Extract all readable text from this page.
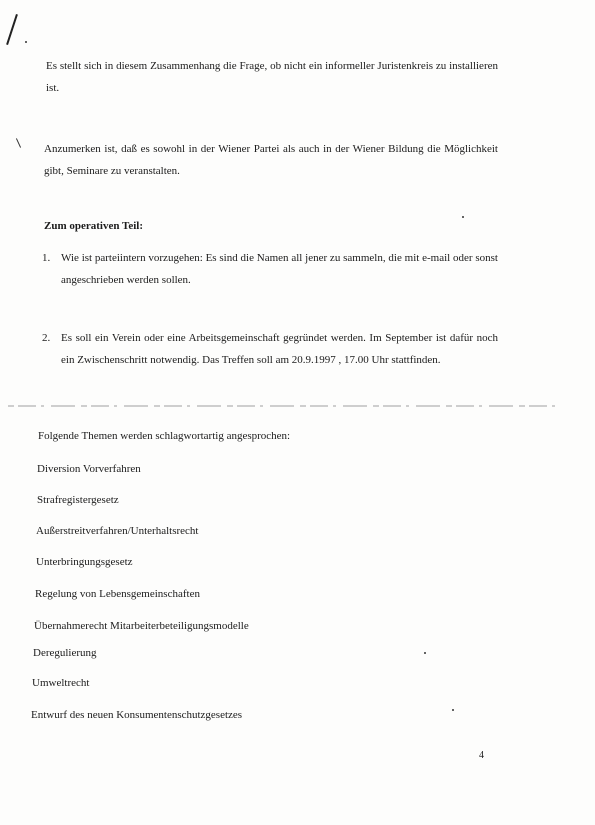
Es stellt sich in diesem Zusammenhang die Frage, ob nicht ein informeller Juristenkreis zu installieren ist.

Anzumerken ist, daß es sowohl in der Wiener Partei als auch in der Wiener Bildung die Möglichkeit gibt, Seminare zu veranstalten.

Zum operativen Teil:

1. Wie ist parteiintern vorzugehen: Es sind die Namen all jener zu sammeln, die mit e-mail oder sonst angeschrieben werden sollen.
2. Es soll ein Verein oder eine Arbeitsgemeinschaft gegründet werden. Im September ist dafür noch ein Zwischenschritt notwendig. Das Treffen soll am 20.9.1997 , 17.00 Uhr stattfinden.

Folgende Themen werden schlagwortartig angesprochen:

Diversion Vorverfahren

Strafregistergesetz

Außerstreitverfahren/Unterhaltsrecht

Unterbringungsgesetz

Regelung von Lebensgemeinschaften

Übernahmerecht Mitarbeiterbeteiligungsmodelle

Deregulierung

Umweltrecht

Entwurf des neuen Konsumentenschutzgesetzes

4
